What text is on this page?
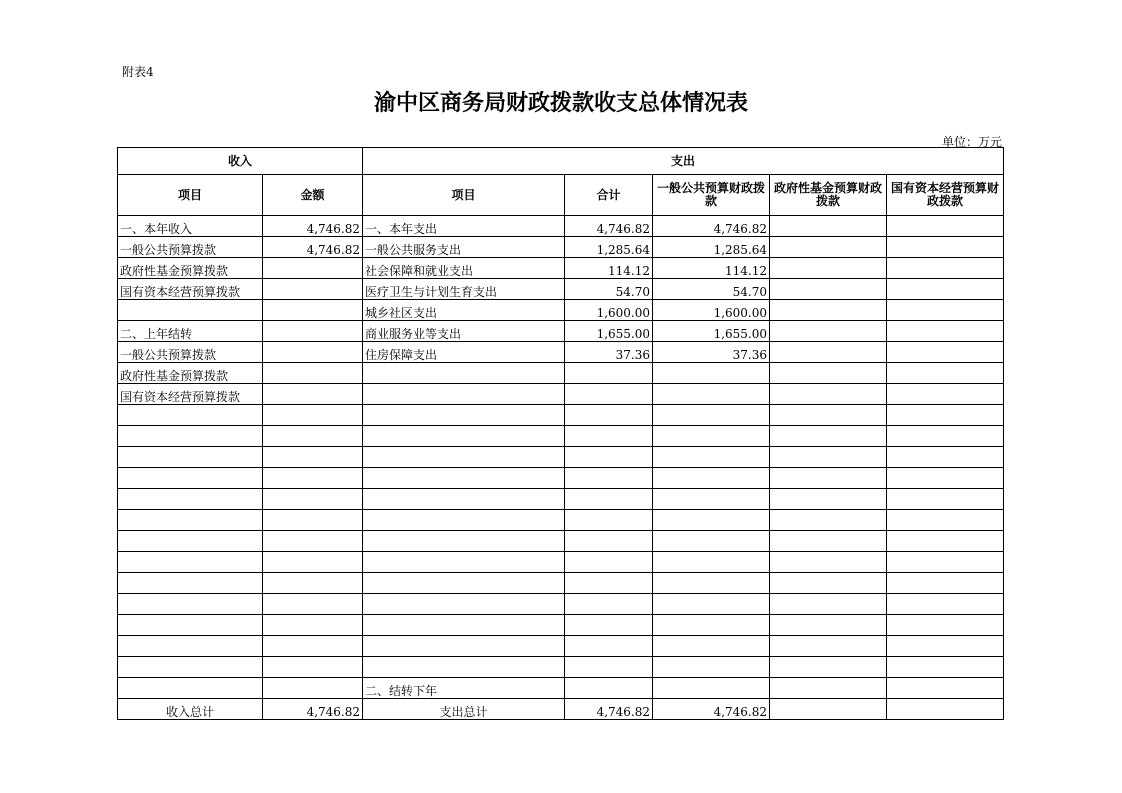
附表4
渝中区商务局财政拨款收支总体情况表
单位：万元
收入		支出				
项目	金额	项目	合计	一般公共预算财政拨款	政府性基金预算财政拨款	国有资本经营预算财政拨款
一、本年收入	4,746.82	一、本年支出	4,746.82	4,746.82		
一般公共预算拨款	4,746.82	一般公共服务支出	1,285.64	1,285.64		
政府性基金预算拨款		社会保障和就业支出	114.12	114.12		
国有资本经营预算拨款		医疗卫生与计划生育支出	54.70	54.70		
		城乡社区支出	1,600.00	1,600.00		
二、上年结转		商业服务业等支出	1,655.00	1,655.00		
一般公共预算拨款		住房保障支出	37.36	37.36		
政府性基金预算拨款						
国有资本经营预算拨款						

		二、结转下年				
收入总计	4,746.82	支出总计	4,746.82	4,746.82		
